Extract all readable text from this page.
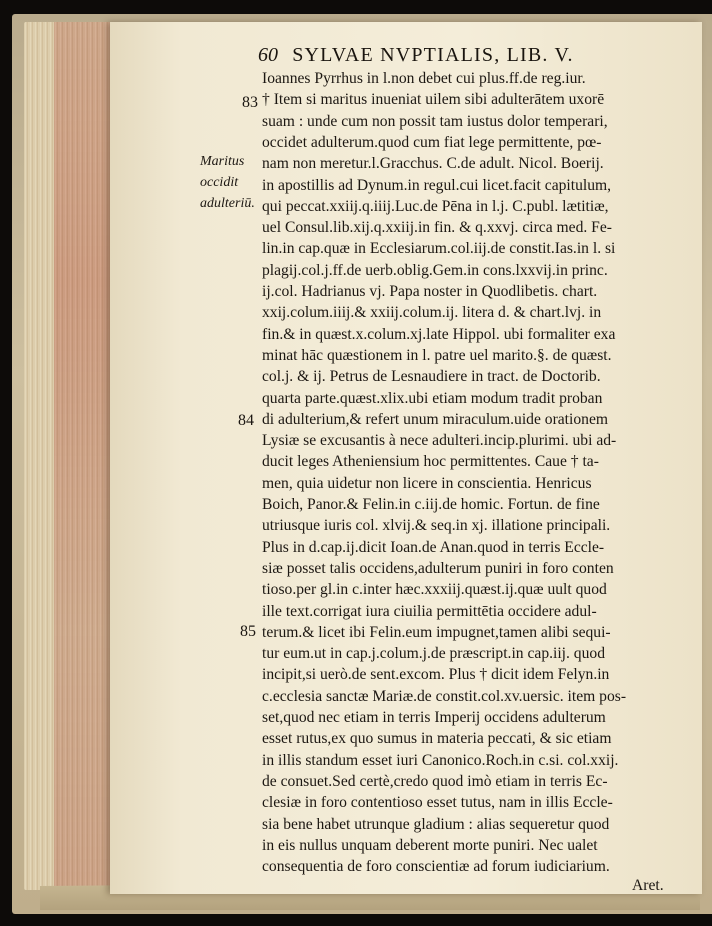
60 SYLVAE NVPTIALIS, LIB. V.
83
84
85
Maritus
occidit
adulteriū.
Ioannes Pyrrhus in l.non debet cui plus.ff.de reg.iur.
† Item si maritus inueniat uilem sibi adulterātem uxorē
suam : unde cum non possit tam iustus dolor temperari,
occidet adulterum.quod cum fiat lege permittente, pœ-
nam non meretur.l.Gracchus. C.de adult. Nicol. Boerij.
in apostillis ad Dynum.in regul.cui licet.facit capitulum,
qui peccat.xxiij.q.iiij.Luc.de Pēna in l.j. C.publ. lætitiæ,
uel Consul.lib.xij.q.xxiij.in fin. & q.xxvj. circa med. Fe-
lin.in cap.quæ in Ecclesiarum.col.iij.de constit.Ias.in l. si
plagij.col.j.ff.de uerb.oblig.Gem.in cons.lxxvij.in princ.
ij.col. Hadrianus vj. Papa noster in Quodlibetis. chart.
xxij.colum.iiij.& xxiij.colum.ij. litera d. & chart.lvj. in
fin.& in quæst.x.colum.xj.late Hippol. ubi formaliter exa
minat hāc quæstionem in l. patre uel marito.§. de quæst.
col.j. & ij. Petrus de Lesnaudiere in tract. de Doctorib.
quarta parte.quæst.xlix.ubi etiam modum tradit proban
di adulterium,& refert unum miraculum.uide orationem
Lysiæ se excusantis à nece adulteri.incip.plurimi. ubi ad-
ducit leges Atheniensium hoc permittentes. Caue † ta-
men, quia uidetur non licere in conscientia. Henricus
Boich, Panor.& Felin.in c.iij.de homic. Fortun. de fine
utriusque iuris col. xlvij.& seq.in xj. illatione principali.
Plus in d.cap.ij.dicit Ioan.de Anan.quod in terris Eccle-
siæ posset talis occidens,adulterum puniri in foro conten
tioso.per gl.in c.inter hæc.xxxiij.quæst.ij.quæ uult quod
ille text.corrigat iura ciuilia permittētia occidere adul-
terum.& licet ibi Felin.eum impugnet,tamen alibi sequi-
tur eum.ut in cap.j.colum.j.de præscript.in cap.iij. quod
incipit,si uerò.de sent.excom. Plus † dicit idem Felyn.in
c.ecclesia sanctæ Mariæ.de constit.col.xv.uersic. item pos-
set,quod nec etiam in terris Imperij occidens adulterum
esset rutus,ex quo sumus in materia peccati, & sic etiam
in illis standum esset iuri Canonico.Roch.in c.si. col.xxij.
de consuet.Sed certè,credo quod imò etiam in terris Ec-
clesiæ in foro contentioso esset tutus, nam in illis Eccle-
sia bene habet utrunque gladium : alias sequeretur quod
in eis nullus unquam deberent morte puniri. Nec ualet
consequentia de foro conscientiæ ad forum iudiciarium.
Aret.
